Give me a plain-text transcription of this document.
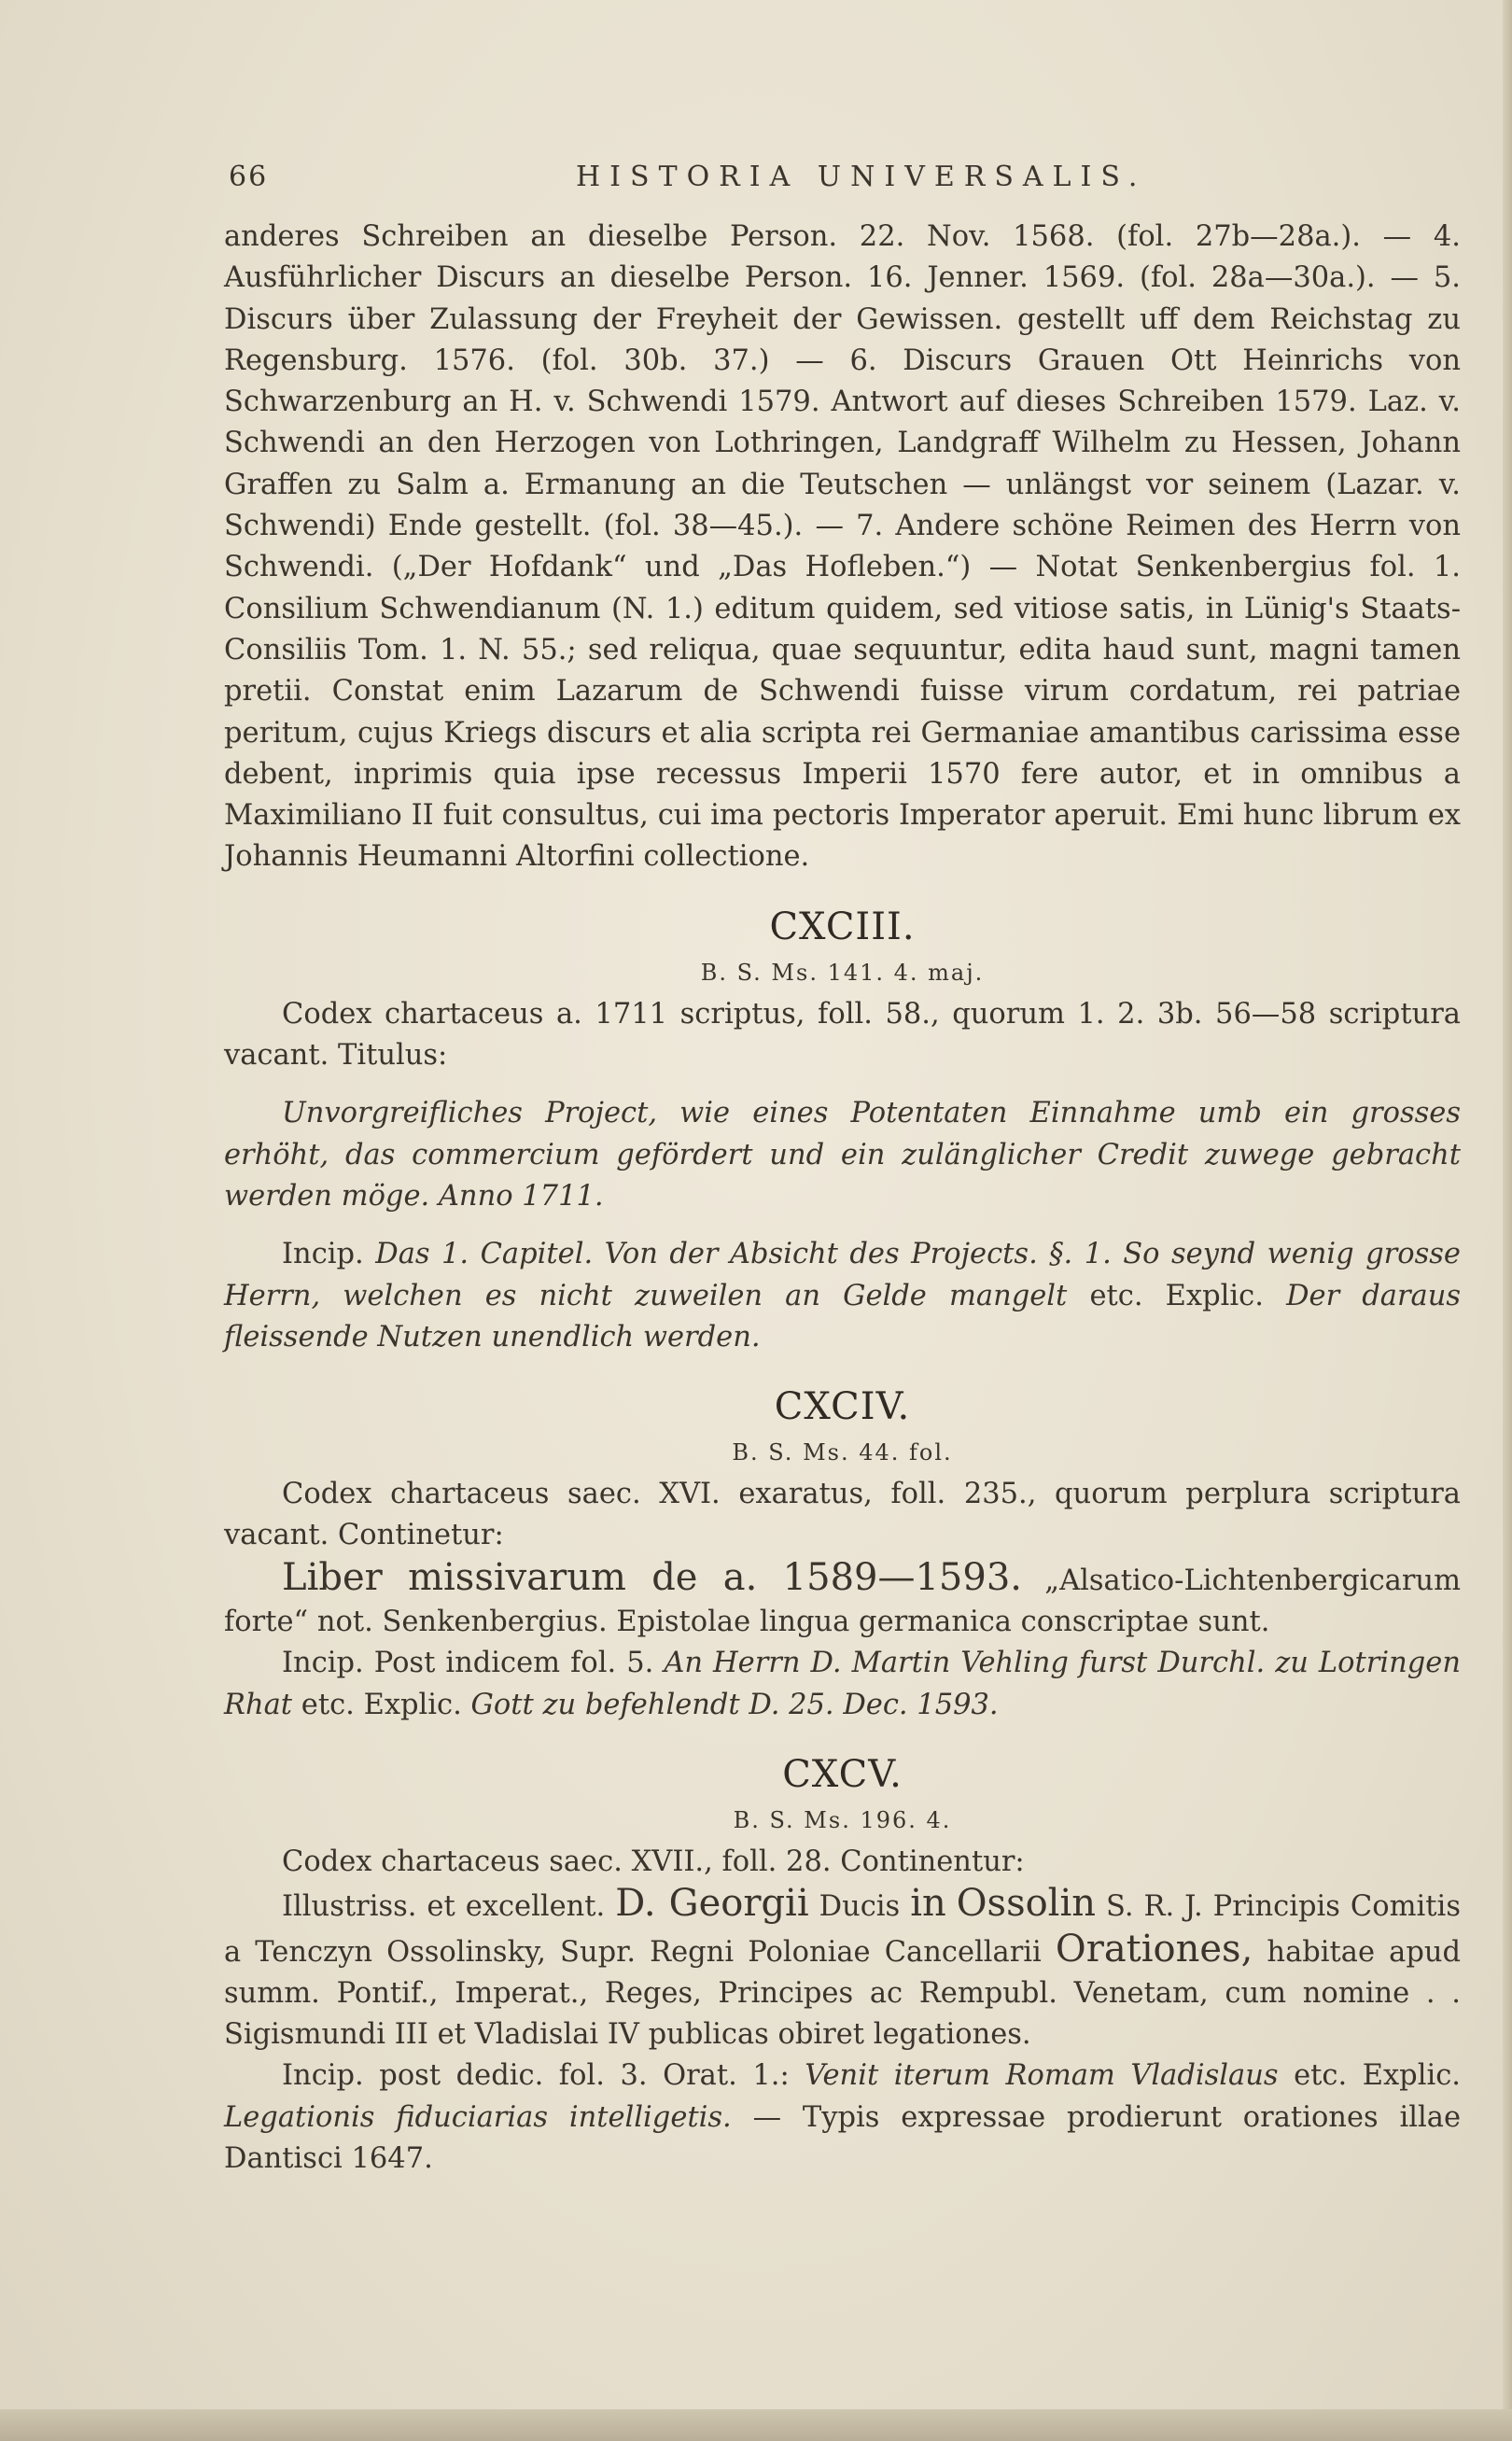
66	HISTORIA UNIVERSALIS.

anderes Schreiben an dieselbe Person. 22. Nov. 1568. (fol. 27b—28a.). — 4. Ausführlicher Discurs an dieselbe Person. 16. Jenner. 1569. (fol. 28a—30a.). — 5. Discurs über Zulassung der Freyheit der Gewissen. gestellt uff dem Reichstag zu Regensburg. 1576. (fol. 30b. 37.) — 6. Discurs Grauen Ott Heinrichs von Schwarzenburg an H. v. Schwendi 1579. Antwort auf dieses Schreiben 1579. Laz. v. Schwendi an den Herzogen von Lothringen, Landgraff Wilhelm zu Hessen, Johann Graffen zu Salm a. Ermanung an die Teutschen — unlängst vor seinem (Lazar. v. Schwendi) Ende gestellt. (fol. 38—45.). — 7. Andere schöne Reimen des Herrn von Schwendi. („Der Hofdank“ und „Das Hofleben.“) — Notat Senkenbergius fol. 1. Consilium Schwendianum (N. 1.) editum quidem, sed vitiose satis, in Lünig's Staats-Consiliis Tom. 1. N. 55.; sed reliqua, quae sequuntur, edita haud sunt, magni tamen pretii. Constat enim Lazarum de Schwendi fuisse virum cordatum, rei patriae peritum, cujus Kriegs discurs et alia scripta rei Germaniae amantibus carissima esse debent, inprimis quia ipse recessus Imperii 1570 fere autor, et in omnibus a Maximiliano II fuit consultus, cui ima pectoris Imperator aperuit. Emi hunc librum ex Johannis Heumanni Altorfini collectione.

CXCIII.
B. S. Ms. 141. 4. maj.

Codex chartaceus a. 1711 scriptus, foll. 58., quorum 1. 2. 3b. 56—58 scriptura vacant. Titulus:

Unvorgreifliches Project, wie eines Potentaten Einnahme umb ein grosses erhöht, das commercium gefördert und ein zulänglicher Credit zuwege gebracht werden möge. Anno 1711.

Incip. Das 1. Capitel. Von der Absicht des Projects. §. 1. So seynd wenig grosse Herrn, welchen es nicht zuweilen an Gelde mangelt etc. Explic. Der daraus fleissende Nutzen unendlich werden.

CXCIV.
B. S. Ms. 44. fol.

Codex chartaceus saec. XVI. exaratus, foll. 235., quorum perplura scriptura vacant. Continetur:

Liber missivarum de a. 1589—1593. „Alsatico-Lichtenbergicarum forte“ not. Senkenbergius. Epistolae lingua germanica conscriptae sunt.

Incip. Post indicem fol. 5. An Herrn D. Martin Vehling furst Durchl. zu Lotringen Rhat etc. Explic. Gott zu befehlendt D. 25. Dec. 1593.

CXCV.
B. S. Ms. 196. 4.

Codex chartaceus saec. XVII., foll. 28. Continentur:

Illustriss. et excellent. D. Georgii Ducis in Ossolin S. R. J. Principis Comitis a Tenczyn Ossolinsky, Supr. Regni Poloniae Cancellarii Orationes, habitae apud summ. Pontif., Imperat., Reges, Principes ac Rempubl. Venetam, cum nomine . . Sigismundi III et Vladislai IV publicas obiret legationes.

Incip. post dedic. fol. 3. Orat. 1.: Venit iterum Romam Vladislaus etc. Explic. Legationis fiduciarias intelligetis. — Typis expressae prodierunt orationes illae Dantisci 1647.
